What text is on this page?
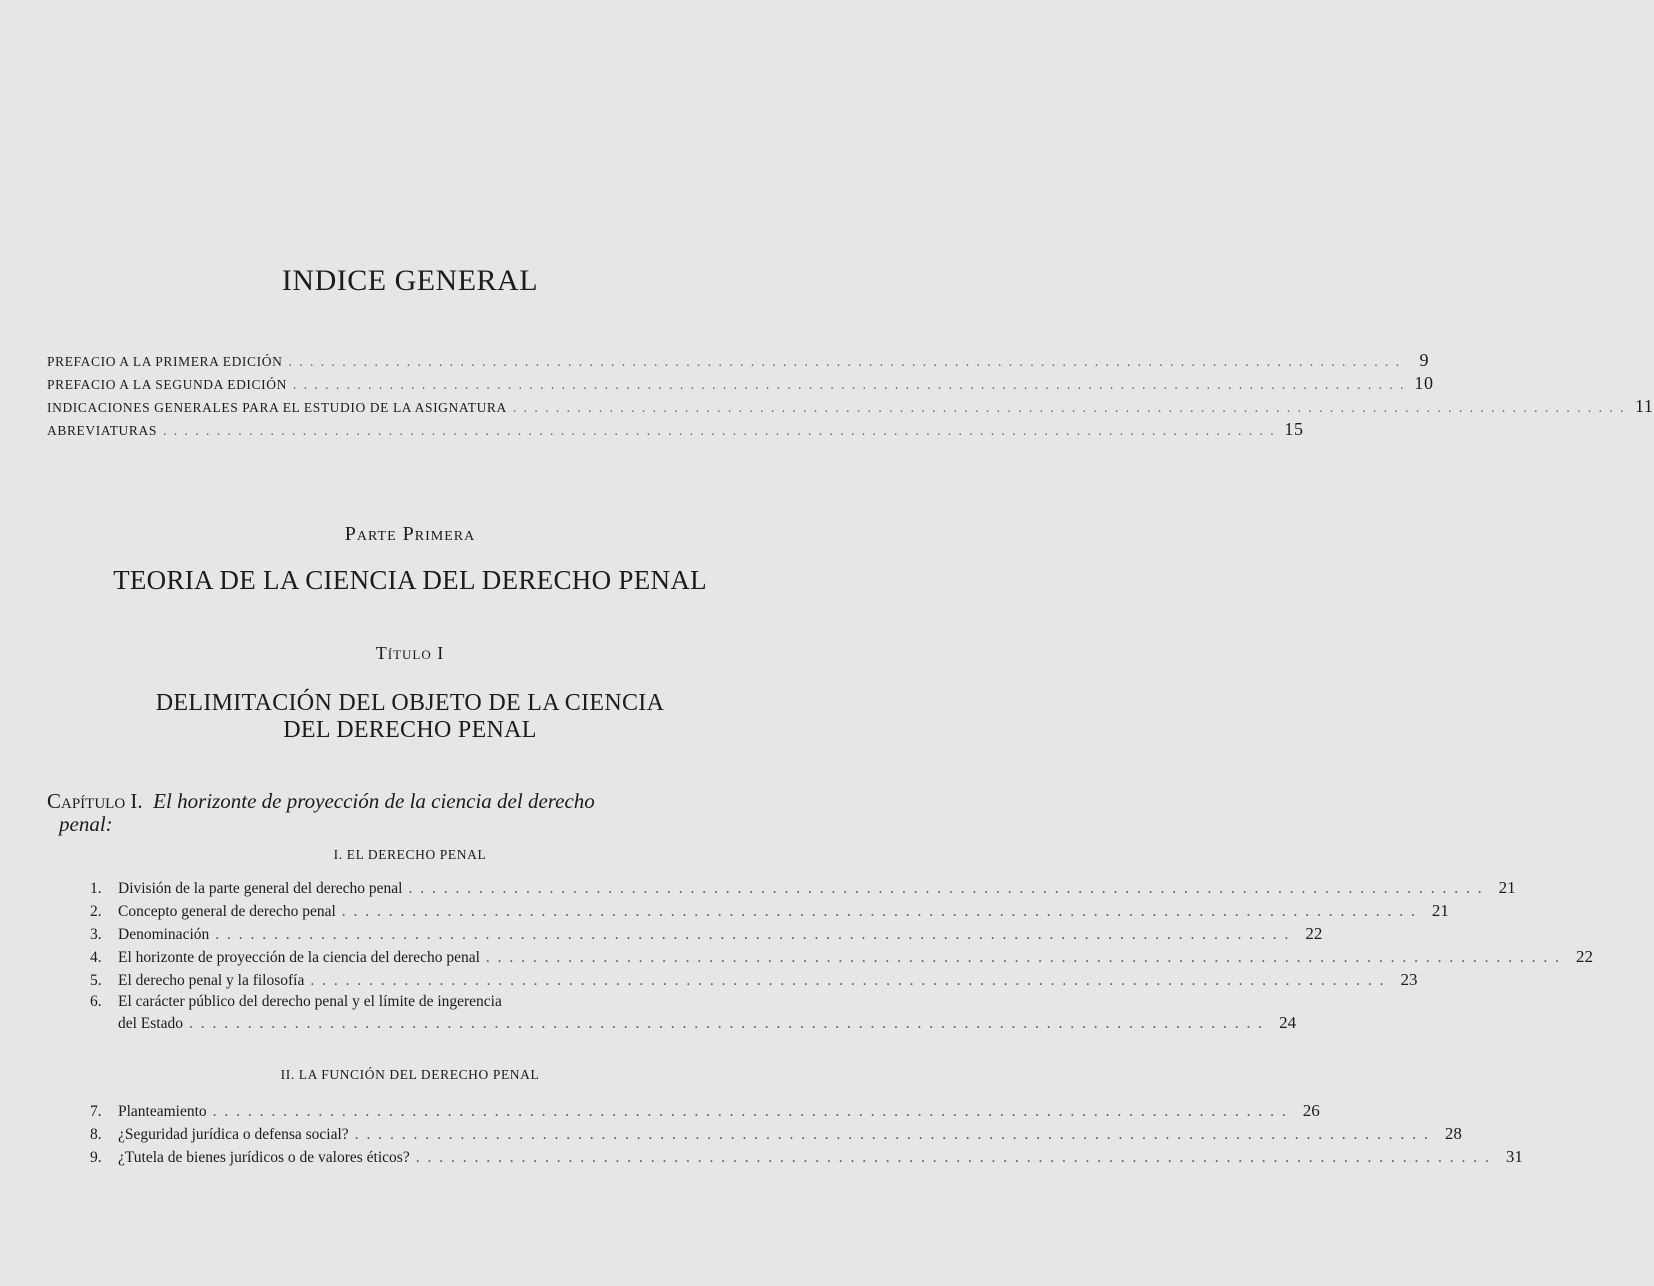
INDICE GENERAL
PREFACIO A LA PRIMERA EDICIÓN . . .	9
PREFACIO A LA SEGUNDA EDICIÓN . . .	10
INDICACIONES GENERALES PARA EL ESTUDIO DE LA ASIGNATURA . . .	11
ABREVIATURAS . . .	15
Parte Primera
TEORIA DE LA CIENCIA DEL DERECHO PENAL
Título I
DELIMITACIÓN DEL OBJETO DE LA CIENCIA
DEL DERECHO PENAL
Capítulo I. El horizonte de proyección de la ciencia del derecho
penal:
I. EL DERECHO PENAL
1.	División de la parte general del derecho penal . . .	21
2.	Concepto general de derecho penal . . .	21
3.	Denominación . . .	22
4.	El horizonte de proyección de la ciencia del derecho penal . . .	22
5.	El derecho penal y la filosofía . . .	23
6.	El carácter público del derecho penal y el límite de ingerencia
del Estado . . .	24
II. LA FUNCIÓN DEL DERECHO PENAL
7.	Planteamiento . . .	26
8.	¿Seguridad jurídica o defensa social? . . .	28
9.	¿Tutela de bienes jurídicos o de valores éticos? . . .	31
